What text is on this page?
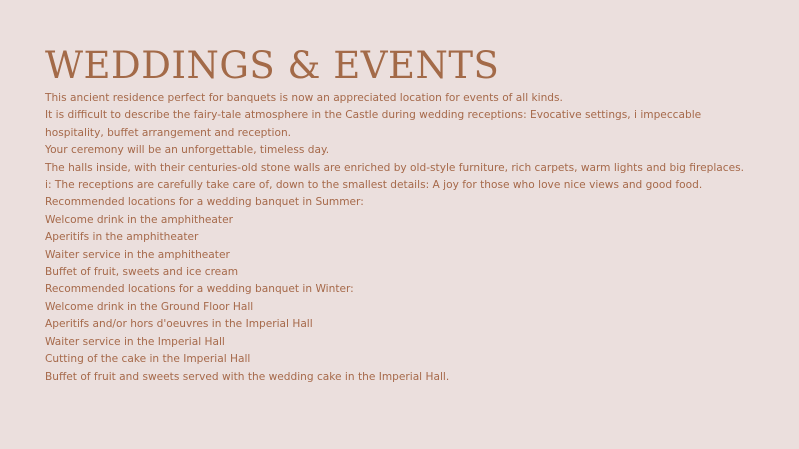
WEDDINGS & EVENTS
This ancient residence perfect for banquets is now an appreciated location for events of all kinds.
It is difficult to describe the fairy-tale atmosphere in the Castle during wedding receptions: Evocative settings, i impeccable
hospitality, buffet arrangement and reception.
Your ceremony will be an unforgettable, timeless day.
The halls inside, with their centuries-old stone walls are enriched by old-style furniture, rich carpets, warm lights and big fireplaces.
i: The receptions are carefully take care of, down to the smallest details: A joy for those who love nice views and good food.
Recommended locations for a wedding banquet in Summer:
Welcome drink in the amphitheater
Aperitifs in the amphitheater
Waiter service in the amphitheater
Buffet of fruit, sweets and ice cream
Recommended locations for a wedding banquet in Winter:
Welcome drink in the Ground Floor Hall
Aperitifs and/or hors d'oeuvres in the Imperial Hall
Waiter service in the Imperial Hall
Cutting of the cake in the Imperial Hall
Buffet of fruit and sweets served with the wedding cake in the Imperial Hall.
